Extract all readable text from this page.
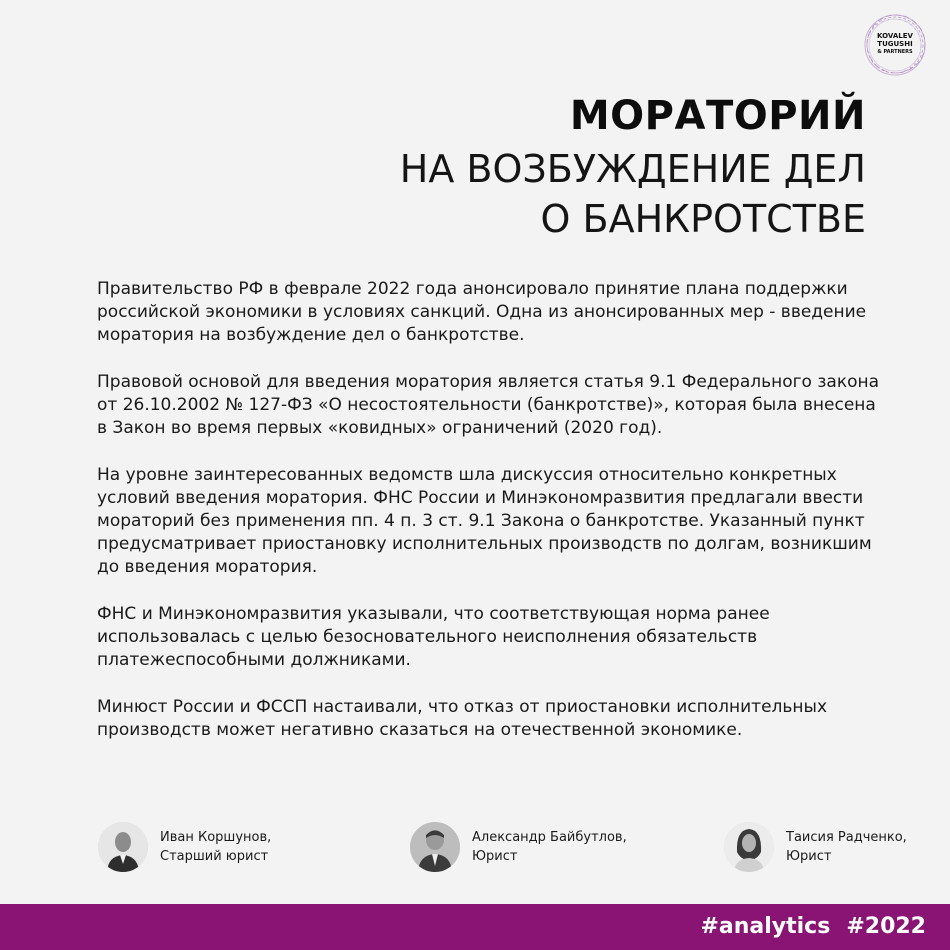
KOVALEV
TUGUSHI
& PARTNERS
МОРАТОРИЙ
НА ВОЗБУЖДЕНИЕ ДЕЛ
О БАНКРОТСТВЕ

Правительство РФ в феврале 2022 года анонсировало принятие плана поддержки
российской экономики в условиях санкций. Одна из анонсированных мер - введение
моратория на возбуждение дел о банкротстве.

Правовой основой для введения моратория является статья 9.1 Федерального закона
от 26.10.2002 № 127-ФЗ «О несостоятельности (банкротстве)», которая была внесена
в Закон во время первых «ковидных» ограничений (2020 год).

На уровне заинтересованных ведомств шла дискуссия относительно конкретных
условий введения моратория. ФНС России и Минэкономразвития предлагали ввести
мораторий без применения пп. 4 п. 3 ст. 9.1 Закона о банкротстве. Указанный пункт
предусматривает приостановку исполнительных производств по долгам, возникшим
до введения моратория.

ФНС и Минэкономразвития указывали, что соответствующая норма ранее
использовалась с целью безосновательного неисполнения обязательств
платежеспособными должниками.

Минюст России и ФССП настаивали, что отказ от приостановки исполнительных
производств может негативно сказаться на отечественной экономике.

Иван Коршунов,
Старший юрист
Александр Байбутлов,
Юрист
Таисия Радченко,
Юрист
#analytics #2022
